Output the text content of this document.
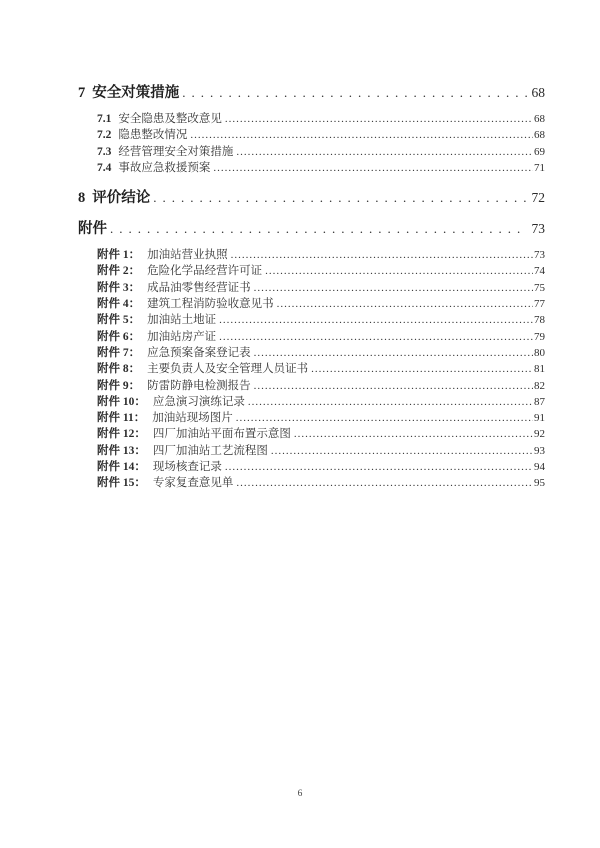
7 安全对策措施 .....	68
7.1 安全隐患及整改意见 .....	68
7.2 隐患整改情况 .....	68
7.3 经营管理安全对策措施 .....	69
7.4 事故应急救援预案 .....	71
8 评价结论 .....	72
附件 .....	73
附件 1： 加油站营业执照 .....	73
附件 2： 危险化学品经营许可证 .....	74
附件 3： 成品油零售经营证书 .....	75
附件 4： 建筑工程消防验收意见书 .....	77
附件 5： 加油站土地证 .....	78
附件 6： 加油站房产证 .....	79
附件 7： 应急预案备案登记表 .....	80
附件 8： 主要负责人及安全管理人员证书 .....	81
附件 9： 防雷防静电检测报告 .....	82
附件 10： 应急演习演练记录 .....	87
附件 11： 加油站现场图片 .....	91
附件 12： 四厂加油站平面布置示意图 .....	92
附件 13： 四厂加油站工艺流程图 .....	93
附件 14： 现场核查记录 .....	94
附件 15： 专家复查意见单 .....	95
6
